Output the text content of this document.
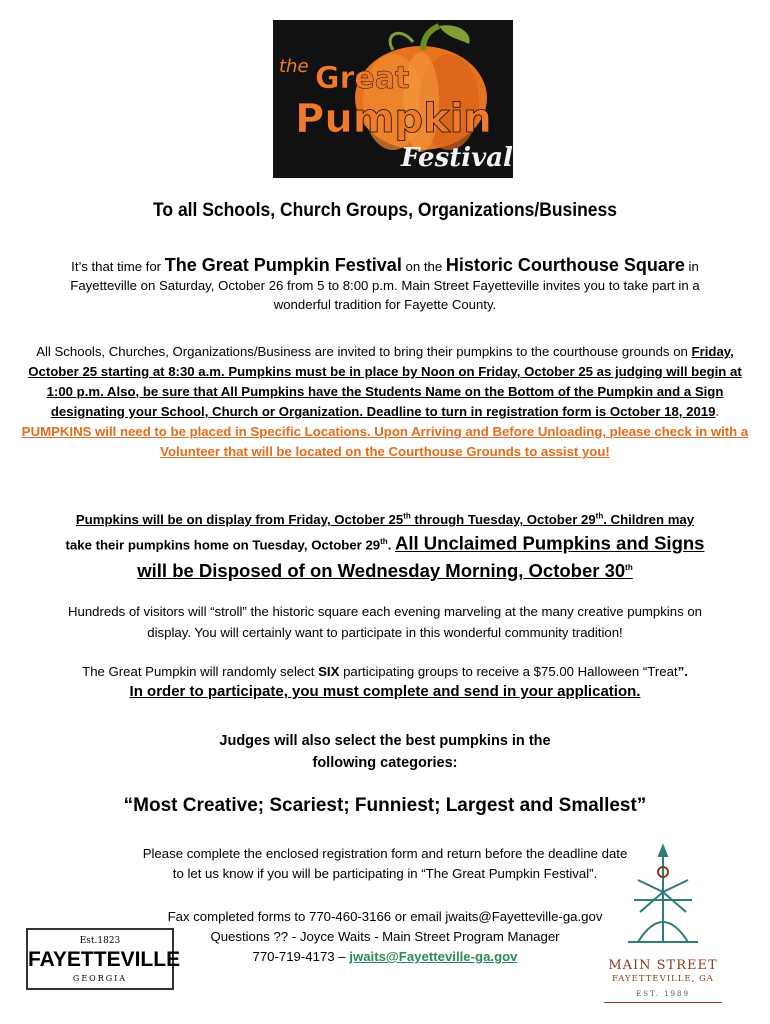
the Great
Pumpkin
Festival
To all Schools, Church Groups, Organizations/Business
It’s that time for The Great Pumpkin Festival on the Historic Courthouse Square in
Fayetteville on Saturday, October 26 from 5 to 8:00 p.m. Main Street Fayetteville invites you to take part in a
wonderful tradition for Fayette County.
All Schools, Churches, Organizations/Business are invited to bring their pumpkins to the courthouse grounds on Friday, October 25 starting at 8:30 a.m. Pumpkins must be in place by Noon on Friday, October 25 as judging will begin at 1:00 p.m. Also, be sure that All Pumpkins have the Students Name on the Bottom of the Pumpkin and a Sign designating your School, Church or Organization. Deadline to turn in registration form is October 18, 2019. PUMPKINS will need to be placed in Specific Locations. Upon Arriving and Before Unloading, please check in with a Volunteer that will be located on the Courthouse Grounds to assist you!
Pumpkins will be on display from Friday, October 25th through Tuesday, October 29th. Children may
take their pumpkins home on Tuesday, October 29th. All Unclaimed Pumpkins and Signs
will be Disposed of on Wednesday Morning, October 30th
Hundreds of visitors will “stroll” the historic square each evening marveling at the many creative pumpkins on
display. You will certainly want to participate in this wonderful community tradition!
The Great Pumpkin will randomly select SIX participating groups to receive a $75.00 Halloween “Treat”.
In order to participate, you must complete and send in your application.
Judges will also select the best pumpkins in the
following categories:
“Most Creative; Scariest; Funniest; Largest and Smallest”
Please complete the enclosed registration form and return before the deadline date
to let us know if you will be participating in “The Great Pumpkin Festival”.
Fax completed forms to 770-460-3166 or email jwaits@Fayetteville-ga.gov
Questions ?? - Joyce Waits - Main Street Program Manager
770-719-4173 – jwaits@Fayetteville-ga.gov
Est.1823
FAYETTEVILLE
GEORGIA
MAIN STREET
FAYETTEVILLE, GA
EST. 1989
